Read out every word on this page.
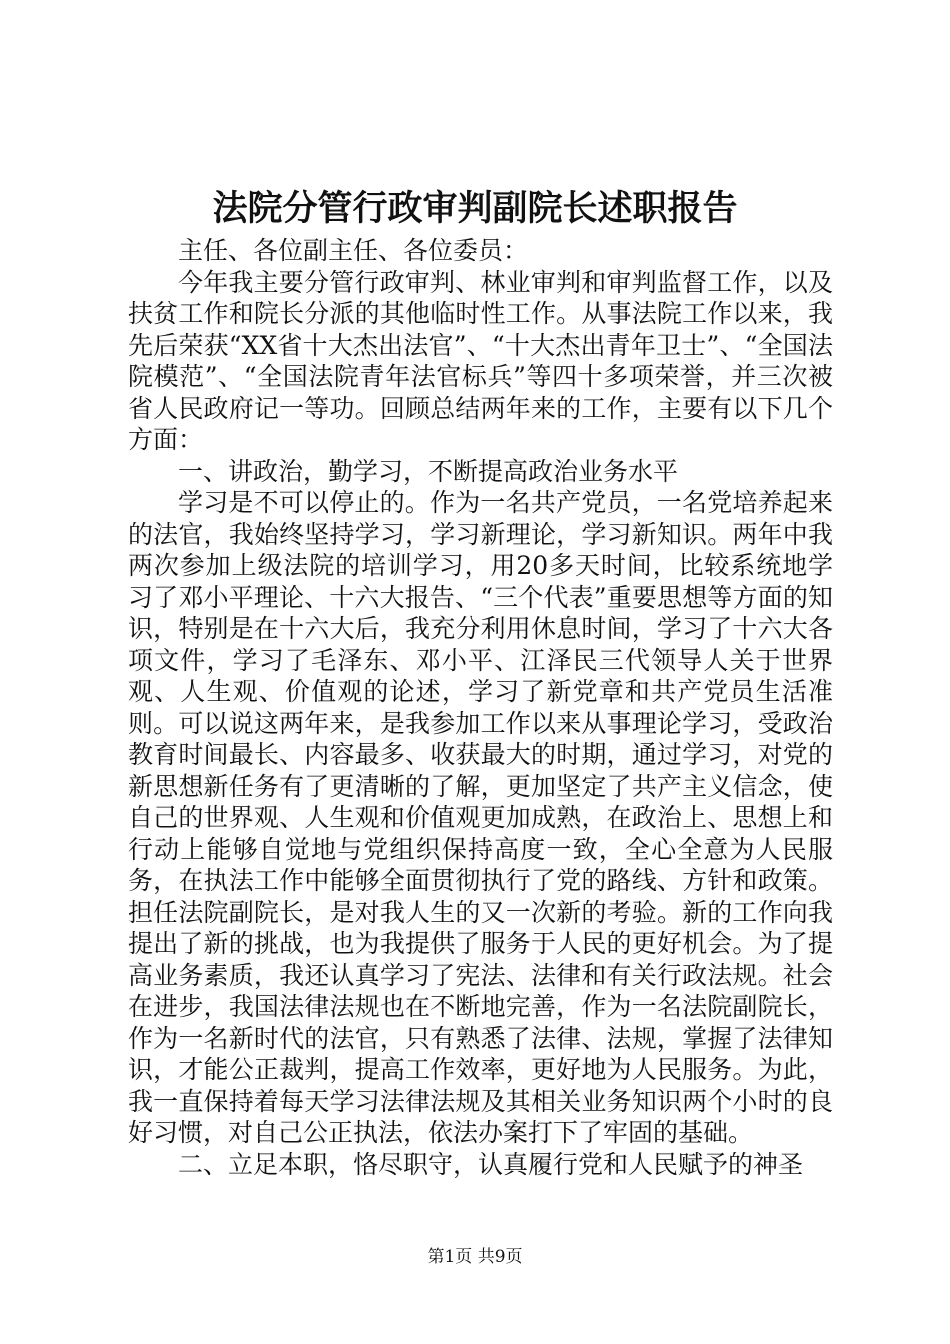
法院分管行政审判副院长述职报告

主任、各位副主任、各位委员：

今年我主要分管行政审判、林业审判和审判监督工作，以及扶贫工作和院长分派的其他临时性工作。从事法院工作以来，我先后荣获“XX省十大杰出法官”、“十大杰出青年卫士”、“全国法院模范”、“全国法院青年法官标兵”等四十多项荣誉，并三次被省人民政府记一等功。回顾总结两年来的工作，主要有以下几个方面：

一、讲政治，勤学习，不断提高政治业务水平

学习是不可以停止的。作为一名共产党员，一名党培养起来的法官，我始终坚持学习，学习新理论，学习新知识。两年中我两次参加上级法院的培训学习，用20多天时间，比较系统地学习了邓小平理论、十六大报告、“三个代表”重要思想等方面的知识，特别是在十六大后，我充分利用休息时间，学习了十六大各项文件，学习了毛泽东、邓小平、江泽民三代领导人关于世界观、人生观、价值观的论述，学习了新党章和共产党员生活准则。可以说这两年来，是我参加工作以来从事理论学习，受政治教育时间最长、内容最多、收获最大的时期，通过学习，对党的新思想新任务有了更清晰的了解，更加坚定了共产主义信念，使自己的世界观、人生观和价值观更加成熟，在政治上、思想上和行动上能够自觉地与党组织保持高度一致，全心全意为人民服务，在执法工作中能够全面贯彻执行了党的路线、方针和政策。担任法院副院长，是对我人生的又一次新的考验。新的工作向我提出了新的挑战，也为我提供了服务于人民的更好机会。为了提高业务素质，我还认真学习了宪法、法律和有关行政法规。社会在进步，我国法律法规也在不断地完善，作为一名法院副院长，作为一名新时代的法官，只有熟悉了法律、法规，掌握了法律知识，才能公正裁判，提高工作效率，更好地为人民服务。为此，我一直保持着每天学习法律法规及其相关业务知识两个小时的良好习惯，对自己公正执法，依法办案打下了牢固的基础。

二、立足本职，恪尽职守，认真履行党和人民赋予的神圣

第1页 共9页
